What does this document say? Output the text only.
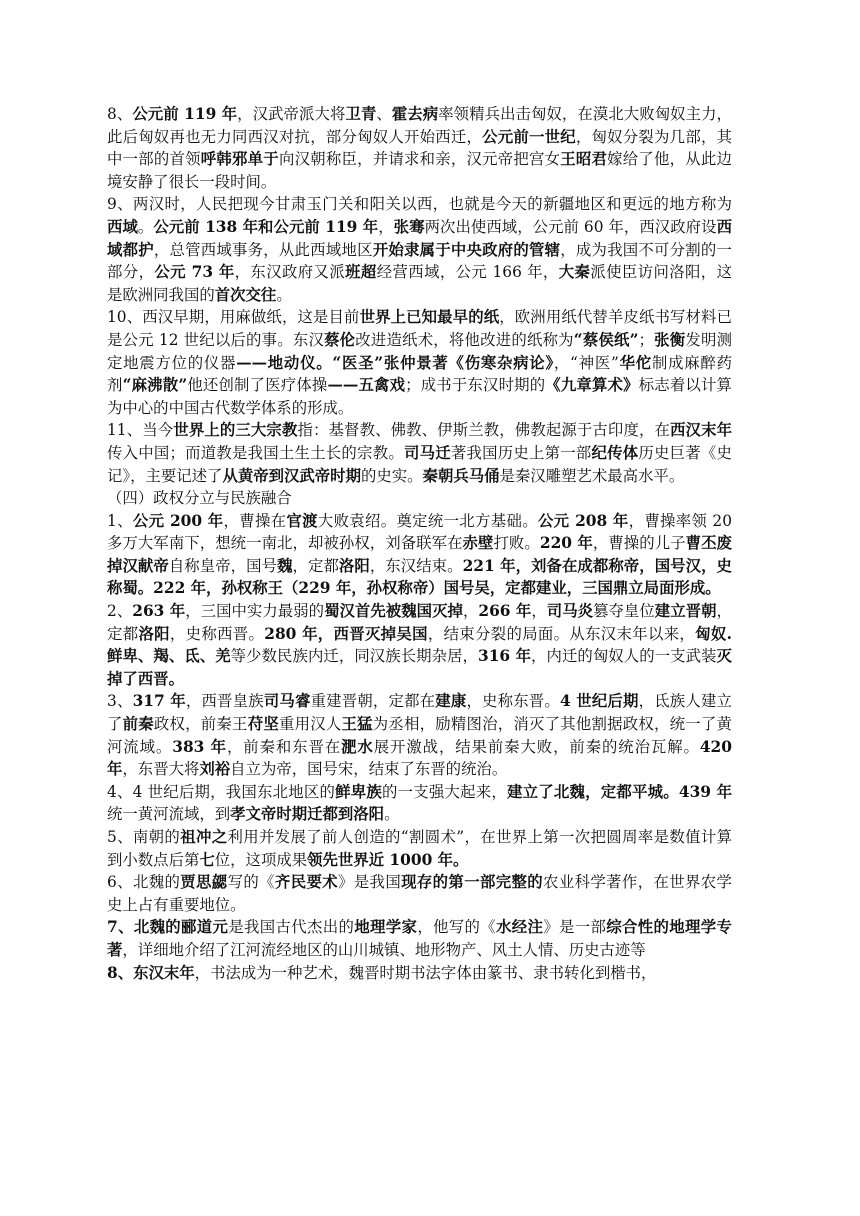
8、公元前 119 年，汉武帝派大将卫青、霍去病率领精兵出击匈奴，在漠北大败匈奴主力，此后匈奴再也无力同西汉对抗，部分匈奴人开始西迁，公元前一世纪，匈奴分裂为几部，其中一部的首领呼韩邪单于向汉朝称臣，并请求和亲，汉元帝把宫女王昭君嫁给了他，从此边境安静了很长一段时间。

9、两汉时，人民把现今甘肃玉门关和阳关以西，也就是今天的新疆地区和更远的地方称为西域。公元前 138 年和公元前 119 年，张骞两次出使西域，公元前 60 年，西汉政府设西域都护，总管西域事务，从此西域地区开始隶属于中央政府的管辖，成为我国不可分割的一部分，公元 73 年，东汉政府又派班超经营西域，公元 166 年，大秦派使臣访问洛阳，这是欧洲同我国的首次交往。

10、西汉早期，用麻做纸，这是目前世界上已知最早的纸，欧洲用纸代替羊皮纸书写材料已是公元 12 世纪以后的事。东汉蔡伦改进造纸术，将他改进的纸称为“蔡侯纸”；张衡发明测定地震方位的仪器——地动仪。“医圣”张仲景著《伤寒杂病论》，“神医”华佗制成麻醉药剂“麻沸散”他还创制了医疗体操——五禽戏；成书于东汉时期的《九章算术》标志着以计算为中心的中国古代数学体系的形成。

11、当今世界上的三大宗教指：基督教、佛教、伊斯兰教，佛教起源于古印度，在西汉末年传入中国；而道教是我国土生土长的宗教。司马迁著我国历史上第一部纪传体历史巨著《史记》，主要记述了从黄帝到汉武帝时期的史实。秦朝兵马俑是秦汉雕塑艺术最高水平。

（四）政权分立与民族融合

1、公元 200 年，曹操在官渡大败袁绍。奠定统一北方基础。公元 208 年，曹操率领 20 多万大军南下，想统一南北，却被孙权，刘备联军在赤壁打败。220 年，曹操的儿子曹丕废掉汉献帝自称皇帝，国号魏，定都洛阳，东汉结束。221 年，刘备在成都称帝，国号汉，史称蜀。222 年，孙权称王（229 年，孙权称帝）国号吴，定都建业，三国鼎立局面形成。

2、263 年，三国中实力最弱的蜀汉首先被魏国灭掉，266 年，司马炎篡夺皇位建立晋朝，定都洛阳，史称西晋。280 年，西晋灭掉吴国，结束分裂的局面。从东汉末年以来，匈奴.鲜卑、羯、氐、羌等少数民族内迁，同汉族长期杂居，316 年，内迁的匈奴人的一支武装灭掉了西晋。

3、317 年，西晋皇族司马睿重建晋朝，定都在建康，史称东晋。4 世纪后期，氐族人建立了前秦政权，前秦王苻坚重用汉人王猛为丞相，励精图治，消灭了其他割据政权，统一了黄河流域。383 年，前秦和东晋在淝水展开激战，结果前秦大败，前秦的统治瓦解。420 年，东晋大将刘裕自立为帝，国号宋，结束了东晋的统治。

4、4 世纪后期，我国东北地区的鲜卑族的一支强大起来，建立了北魏，定都平城。439 年统一黄河流域，到孝文帝时期迁都到洛阳。

5、南朝的祖冲之利用并发展了前人创造的“割圆术”，在世界上第一次把圆周率是数值计算到小数点后第七位，这项成果领先世界近 1000 年。

6、北魏的贾思勰写的《齐民要术》是我国现存的第一部完整的农业科学著作，在世界农学史上占有重要地位。

7、北魏的郦道元是我国古代杰出的地理学家，他写的《水经注》是一部综合性的地理学专著，详细地介绍了江河流经地区的山川城镇、地形物产、风土人情、历史古迹等

8、东汉末年，书法成为一种艺术，魏晋时期书法字体由篆书、隶书转化到楷书，
